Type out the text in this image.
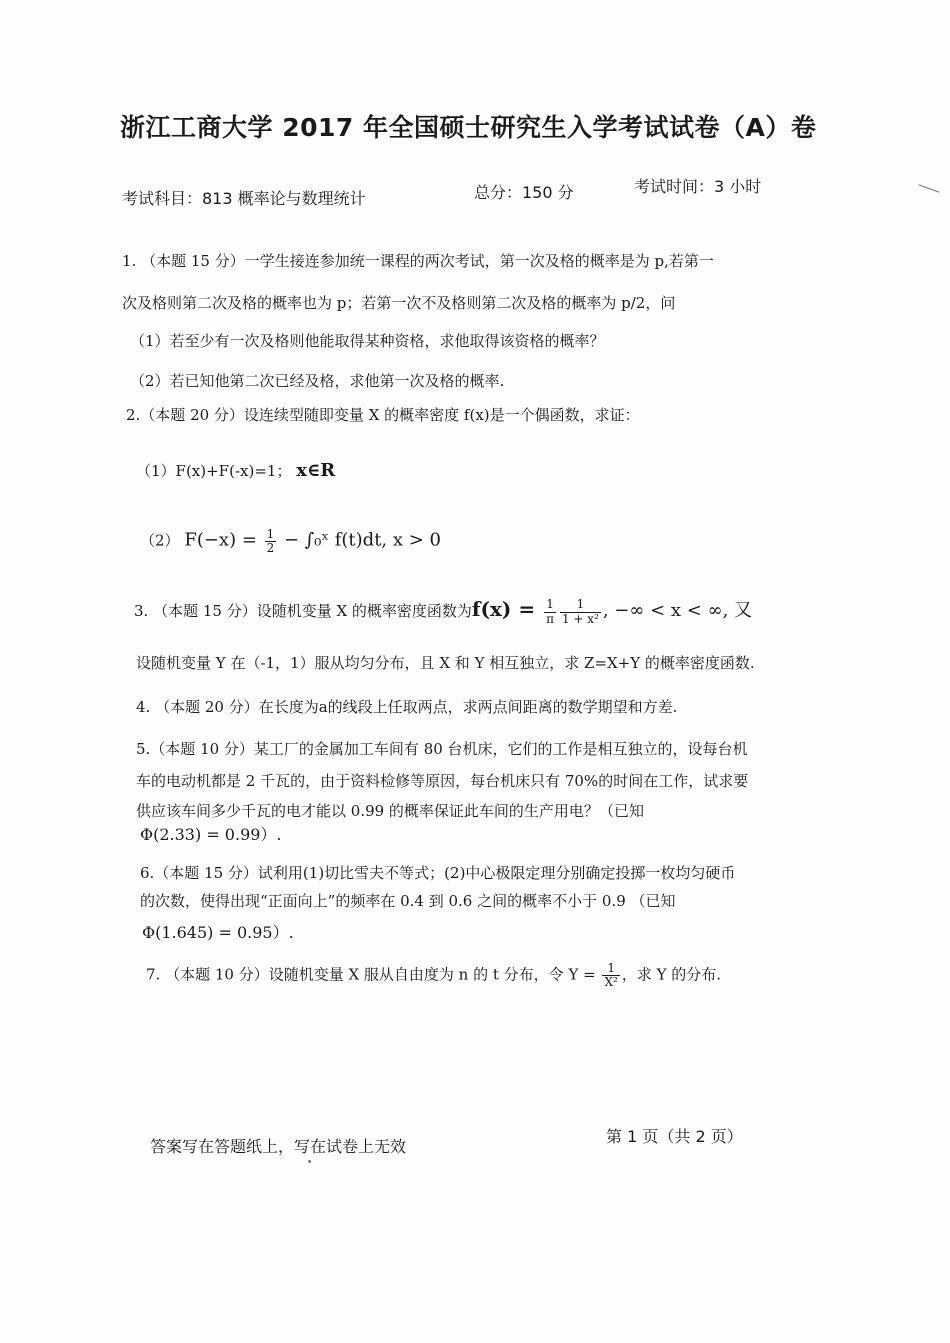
浙江工商大学 2017 年全国硕士研究生入学考试试卷（A）卷
考试科目：813 概率论与数理统计	总分：150 分	考试时间：3 小时
1. （本题 15 分）一学生接连参加统一课程的两次考试，第一次及格的概率是为 p,若第一
次及格则第二次及格的概率也为 p；若第一次不及格则第二次及格的概率为 p/2，问
（1）若至少有一次及格则他能取得某种资格，求他取得该资格的概率？
（2）若已知他第二次已经及格，求他第一次及格的概率.
2.（本题 20 分）设连续型随即变量 X 的概率密度 f(x)是一个偶函数，求证：
（1）F(x)+F(-x)=1； x∈R
（2） $F(-x) = \frac{1}{2}$ − ∫₀ˣ f(t)dt, x > 0
3. （本题 15 分）设随机变量 X 的概率密度函数为$f(x) = \frac{1}{\pi} \frac{1}{\text{1 + x²}}$ , −∞ < x < ∞, 又
设随机变量 Y 在（-1，1）服从均匀分布，且 X 和 Y 相互独立，求 Z=X+Y 的概率密度函数.
4. （本题 20 分）在长度为a的线段上任取两点，求两点间距离的数学期望和方差.
5.（本题 10 分）某工厂的金属加工车间有 80 台机床，它们的工作是相互独立的，设每台机
车的电动机都是 2 千瓦的，由于资料检修等原因，每台机床只有 70%的时间在工作，试求要
供应该车间多少千瓦的电才能以 0.99 的概率保证此车间的生产用电？（已知
Φ(2.33) = 0.99）.
6.（本题 15 分）试利用(1)切比雪夫不等式；(2)中心极限定理分别确定投掷一枚均匀硬币
的次数，使得出现“正面向上”的频率在 0.4 到 0.6 之间的概率不小于 0.9 （已知
Φ(1.645) = 0.95）.
7. （本题 10 分）设随机变量 X 服从自由度为 n 的 t 分布，令 $Y = \frac{1}{\text{X²}}$ ，求 Y 的分布.
答案写在答题纸上，写在试卷上无效
第 1 页（共 2 页）
